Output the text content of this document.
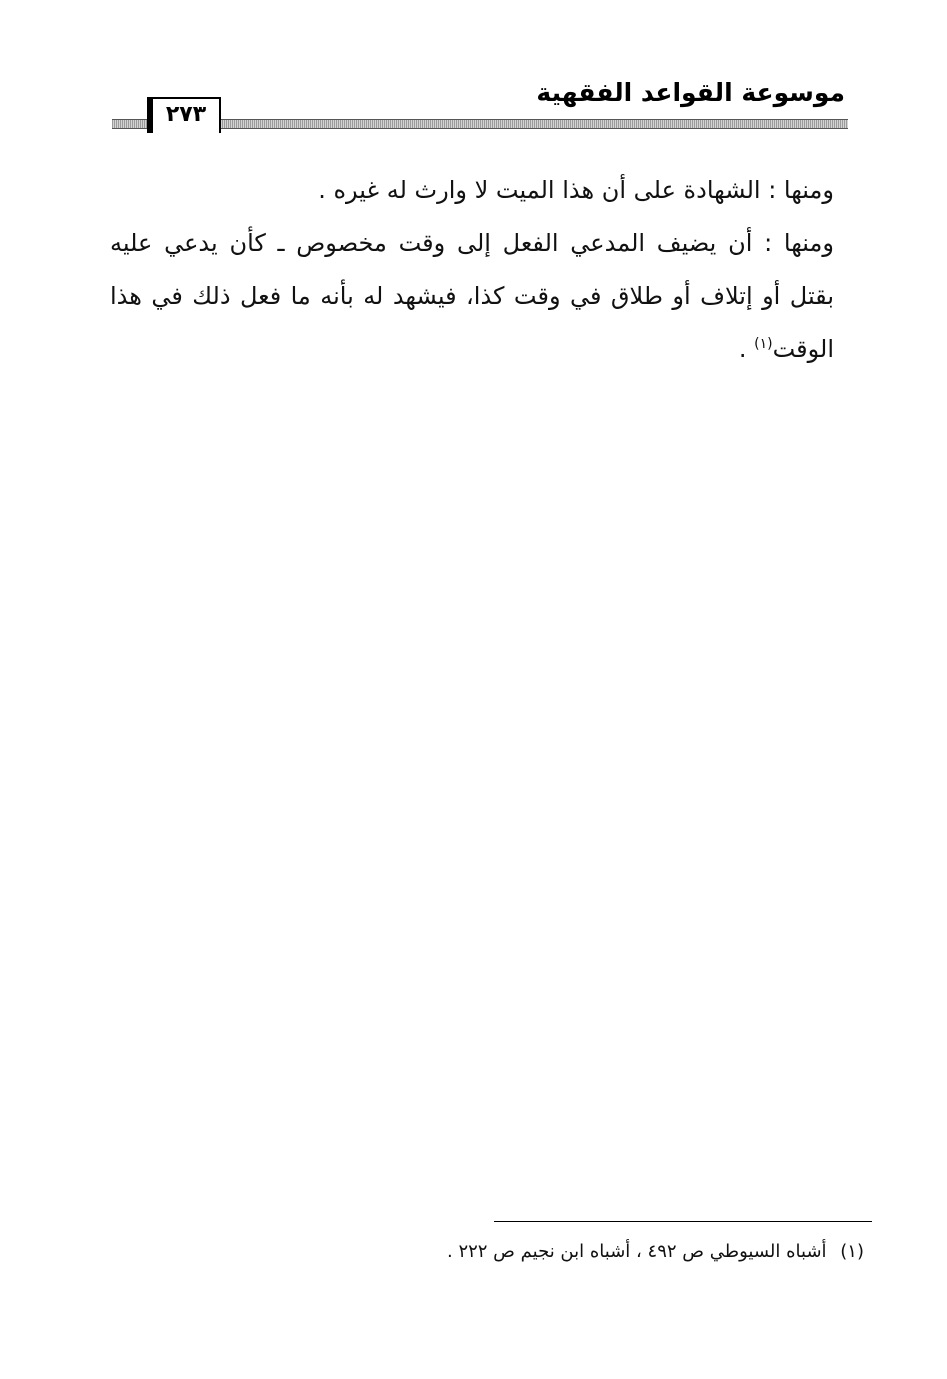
موسوعة القواعد الفقهية
٢٧٣

ومنها : الشهادة على أن هذا الميت لا وارث له غيره .

ومنها : أن يضيف المدعي الفعل إلى وقت مخصوص ـ كأن يدعي عليه بقتل أو إتلاف أو طلاق في وقت كذا، فيشهد له بأنه ما فعل ذلك في هذا الوقت$^{(١)}$ .

(١) أشباه السيوطي ص ٤٩٢ ، أشباه ابن نجيم ص ٢٢٢ .
